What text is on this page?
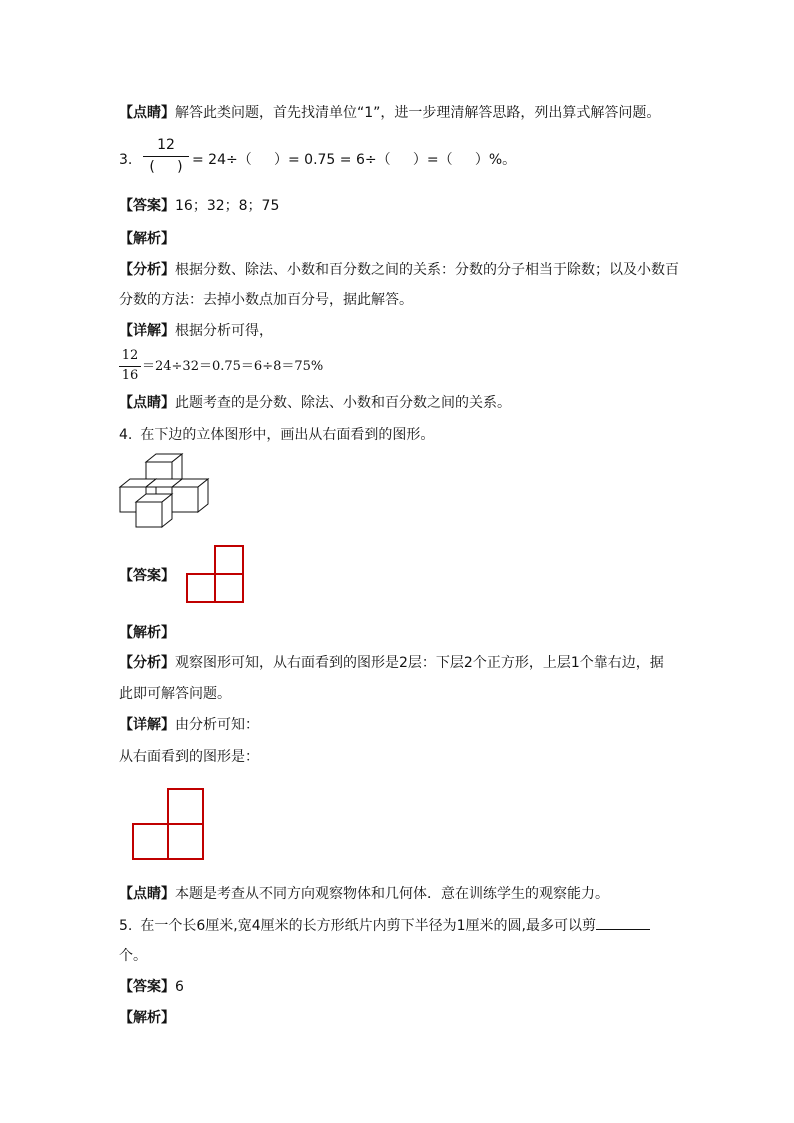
【点睛】解答此类问题，首先找清单位“1”，进一步理清解答思路，列出算式解答问题。
3.
12
(     ) = 24÷（     ）= 0.75 = 6÷（     ）=（     ）%。
【答案】16；32；8；75
【解析】
【分析】根据分数、除法、小数和百分数之间的关系：分数的分子相当于除数；以及小数百
分数的方法：去掉小数点加百分号，据此解答。
【详解】根据分析可得，
12
16
＝24÷32＝0.75＝6÷8＝75%
【点睛】此题考查的是分数、除法、小数和百分数之间的关系。
4. 在下边的立体图形中，画出从右面看到的图形。
【答案】
【解析】
【分析】观察图形可知，从右面看到的图形是2层：下层2个正方形，上层1个靠右边，据
此即可解答问题。
【详解】由分析可知：
从右面看到的图形是：
【点睛】本题是考查从不同方向观察物体和几何体．意在训练学生的观察能力。
5. 在一个长6厘米,宽4厘米的长方形纸片内剪下半径为1厘米的圆,最多可以剪
个。
【答案】6
【解析】
